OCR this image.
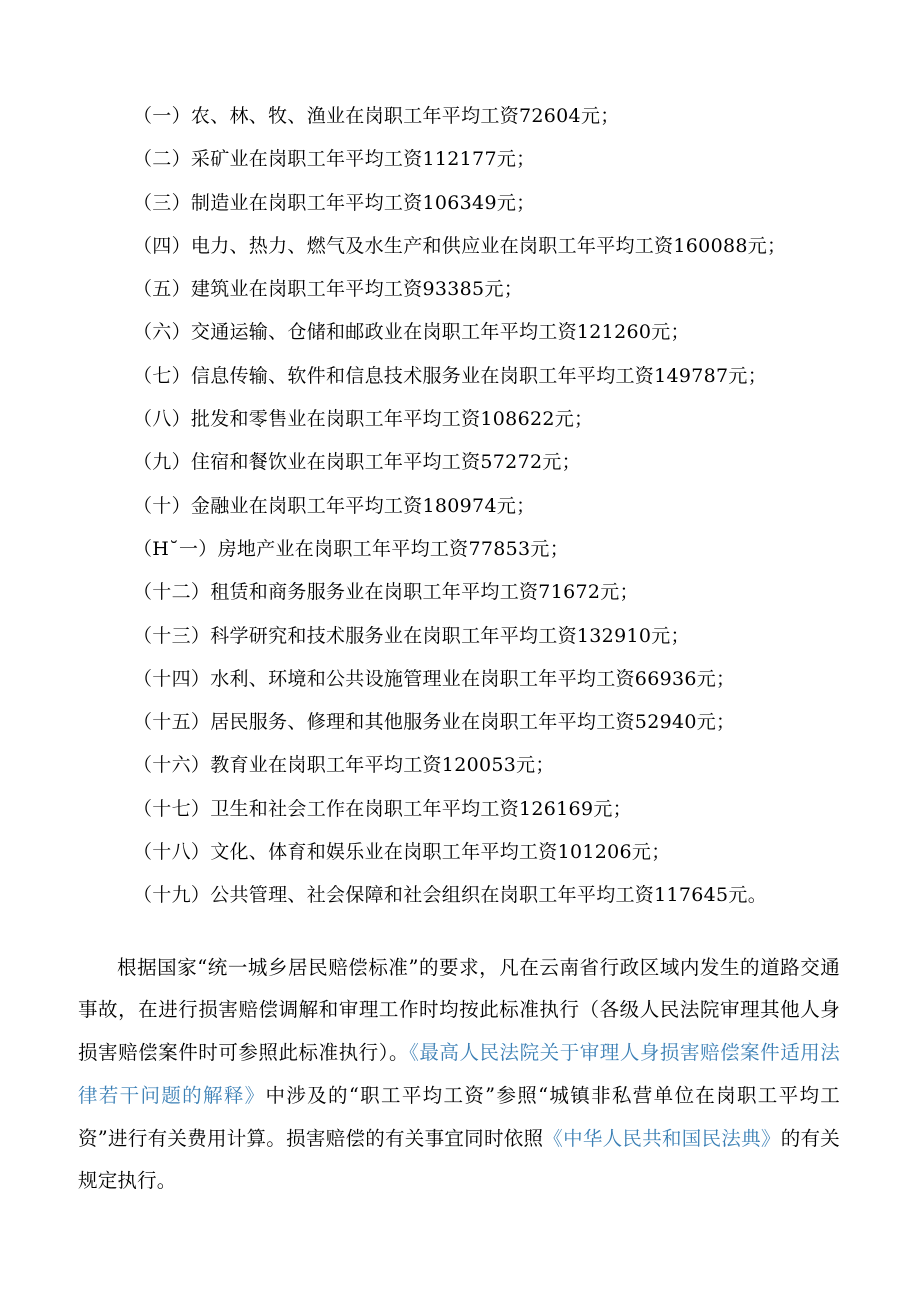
（一）农、林、牧、渔业在岗职工年平均工资72604元；
（二）采矿业在岗职工年平均工资112177元；
（三）制造业在岗职工年平均工资106349元；
（四）电力、热力、燃气及水生产和供应业在岗职工年平均工资160088元；
（五）建筑业在岗职工年平均工资93385元；
（六）交通运输、仓储和邮政业在岗职工年平均工资121260元；
（七）信息传输、软件和信息技术服务业在岗职工年平均工资149787元；
（八）批发和零售业在岗职工年平均工资108622元；
（九）住宿和餐饮业在岗职工年平均工资57272元；
（十）金融业在岗职工年平均工资180974元；
（H˘一）房地产业在岗职工年平均工资77853元；
（十二）租赁和商务服务业在岗职工年平均工资71672元；
（十三）科学研究和技术服务业在岗职工年平均工资132910元；
（十四）水利、环境和公共设施管理业在岗职工年平均工资66936元；
（十五）居民服务、修理和其他服务业在岗职工年平均工资52940元；
（十六）教育业在岗职工年平均工资120053元；
（十七）卫生和社会工作在岗职工年平均工资126169元；
（十八）文化、体育和娱乐业在岗职工年平均工资101206元；
（十九）公共管理、社会保障和社会组织在岗职工年平均工资117645元。

根据国家“统一城乡居民赔偿标准”的要求，凡在云南省行政区域内发生的道路交通事故，在进行损害赔偿调解和审理工作时均按此标准执行（各级人民法院审理其他人身损害赔偿案件时可参照此标准执行）。《最高人民法院关于审理人身损害赔偿案件适用法律若干问题的解释》中涉及的“职工平均工资”参照“城镇非私营单位在岗职工平均工资”进行有关费用计算。损害赔偿的有关事宜同时依照《中华人民共和国民法典》的有关规定执行。
